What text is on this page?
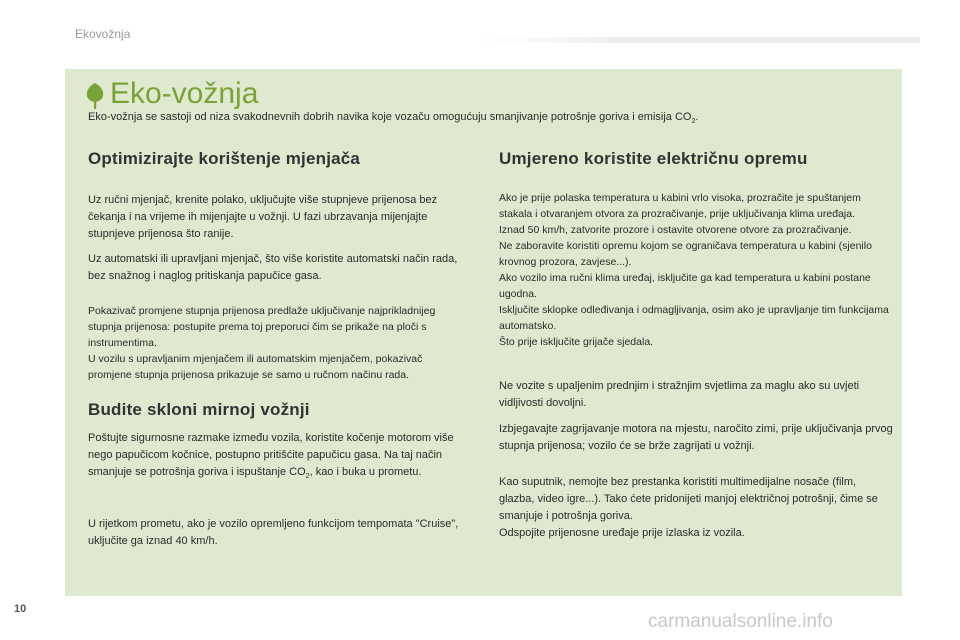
Ekovožnja
Eko-vožnja
Eko-vožnja se sastoji od niza svakodnevnih dobrih navika koje vozaču omogućuju smanjivanje potrošnje goriva i emisija $CO_2$.
Optimizirajte korištenje mjenjača
Uz ručni mjenjač, krenite polako, uključujte više stupnjeve prijenosa bez čekanja i na vrijeme ih mijenjajte u vožnji. U fazi ubrzavanja mijenjajte stupnjeve prijenosa što ranije.
Uz automatski ili upravljani mjenjač, što više koristite automatski način rada, bez snažnog i naglog pritiskanja papučice gasa.
Pokazivač promjene stupnja prijenosa predlaže uključivanje najprikladnijeg stupnja prijenosa: postupite prema toj preporuci čim se prikaže na ploči s instrumentima.
U vozilu s upravljanim mjenjačem ili automatskim mjenjačem, pokazivač promjene stupnja prijenosa prikazuje se samo u ručnom načinu rada.
Budite skloni mirnoj vožnji
Poštujte sigurnosne razmake između vozila, koristite kočenje motorom više nego papučicom kočnice, postupno pritišćite papučicu gasa. Na taj način smanjuje se potrošnja goriva i ispuštanje $CO_2$, kao i buka u prometu.
U rijetkom prometu, ako je vozilo opremljeno funkcijom tempomata "Cruise", uključite ga iznad 40 km/h.
Umjereno koristite električnu opremu
Ako je prije polaska temperatura u kabini vrlo visoka, prozračite je spuštanjem stakala i otvaranjem otvora za prozračivanje, prije uključivanja klima uređaja.
Iznad 50 km/h, zatvorite prozore i ostavite otvorene otvore za prozračivanje.
Ne zaboravite koristiti opremu kojom se ograničava temperatura u kabini (sjenilo krovnog prozora, zavjese...).
Ako vozilo ima ručni klima uređaj, isključite ga kad temperatura u kabini postane ugodna.
Isključite sklopke odleđivanja i odmagljivanja, osim ako je upravljanje tim funkcijama automatsko.
Što prije isključite grijače sjedala.
Ne vozite s upaljenim prednjim i stražnjim svjetlima za maglu ako su uvjeti vidljivosti dovoljni.
Izbjegavajte zagrijavanje motora na mjestu, naročito zimi, prije uključivanja prvog stupnja prijenosa; vozilo će se brže zagrijati u vožnji.
Kao suputnik, nemojte bez prestanka koristiti multimedijalne nosače (film, glazba, video igre...). Tako ćete pridonijeti manjoj električnoj potrošnji, čime se smanjuje i potrošnja goriva.
Odspojite prijenosne uređaje prije izlaska iz vozila.
10
carmanualsonline.info
